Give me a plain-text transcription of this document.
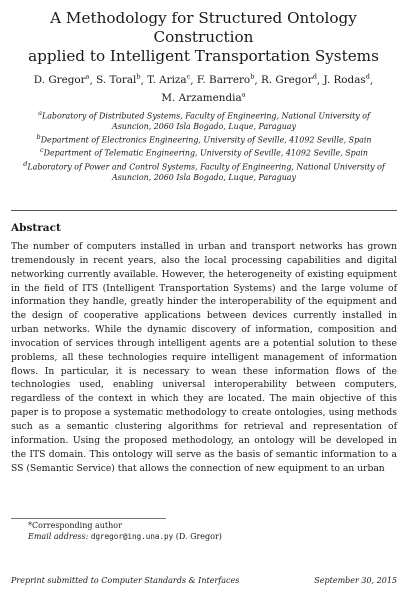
A Methodology for Structured Ontology Construction
applied to Intelligent Transportation Systems
D. Gregor$^a$, S. Toral$^b$, T. Ariza$^c$, F. Barrero$^b$, R. Gregor$^d$, J. Rodas$^d$,
M. Arzamendia$^a$

$^a$Laboratory of Distributed Systems, Faculty of Engineering, National University of Asuncion, 2060 Isla Bogado, Luque, Paraguay

$^b$Department of Electronics Engineering, University of Seville, 41092 Seville, Spain

$^c$Department of Telematic Engineering, University of Seville, 41092 Seville, Spain

$^d$Laboratory of Power and Control Systems, Faculty of Engineering, National University of Asuncion, 2060 Isla Bogado, Luque, Paraguay

Abstract
The number of computers installed in urban and transport networks has grown tremendously in recent years, also the local processing capabilities and digital networking currently available. However, the heterogeneity of existing equipment in the field of ITS (Intelligent Transportation Systems) and the large volume of information they handle, greatly hinder the interoperability of the equipment and the design of cooperative applications between devices currently installed in urban networks. While the dynamic discovery of information, composition and invocation of services through intelligent agents are a potential solution to these problems, all these technologies require intelligent management of information flows. In particular, it is necessary to wean these information flows of the technologies used, enabling universal interoperability between computers, regardless of the context in which they are located. The main objective of this paper is to propose a systematic methodology to create ontologies, using methods such as a semantic clustering algorithms for retrieval and representation of information. Using the proposed methodology, an ontology will be developed in the ITS domain. This ontology will serve as the basis of semantic information to a SS (Semantic Service) that allows the connection of new equipment to an urban
*Corresponding author
Email address: dgregor@ing.una.py (D. Gregor)
Preprint submitted to Computer Standards & Interfaces	September 30, 2015
